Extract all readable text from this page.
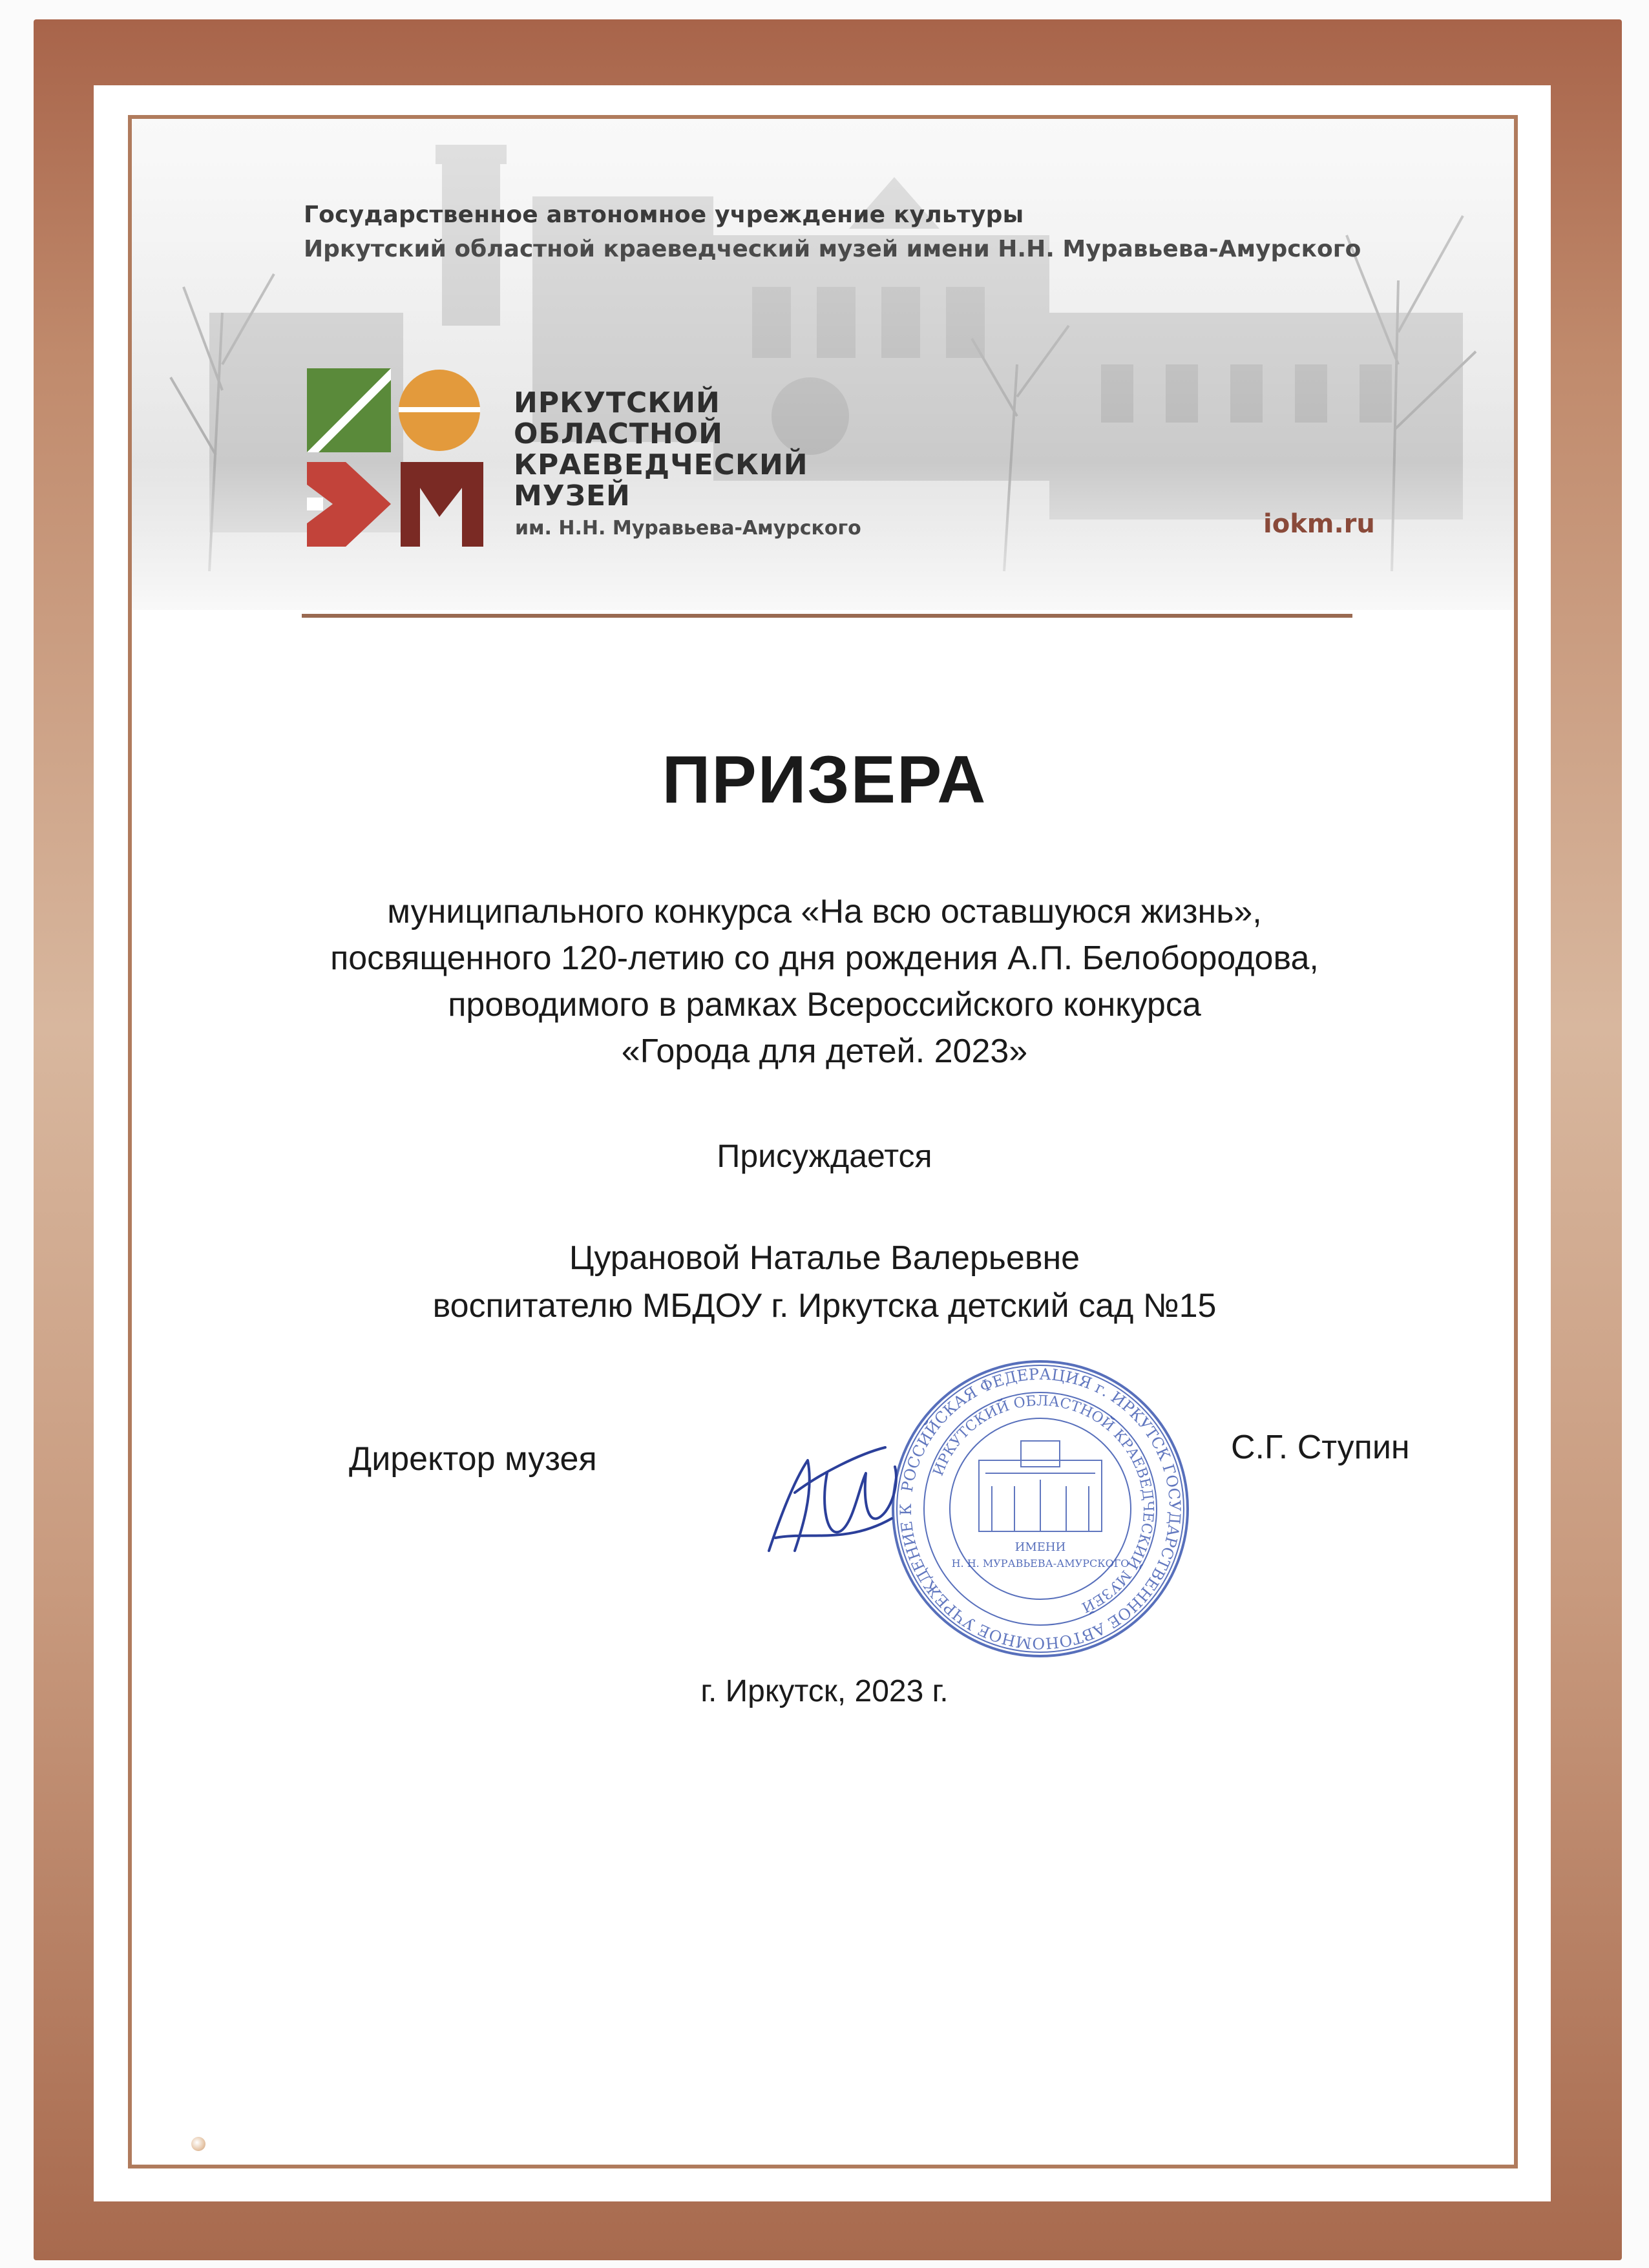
Государственное автономное учреждение культуры
Иркутский областной краеведческий музей имени Н.Н. Муравьева-Амурского
ИРКУТСКИЙ
ОБЛАСТНОЙ
КРАЕВЕДЧЕСКИЙ
МУЗЕЙ
им. Н.Н. Муравьева-Амурского	iokm.ru
ПРИЗЕРА
муниципального конкурса «На всю оставшуюся жизнь»,
посвященного 120-летию со дня рождения А.П. Белобородова,
проводимого в рамках Всероссийского конкурса
«Города для детей. 2023»
Присуждается
Цурановой Наталье Валерьевне
воспитателю МБДОУ г. Иркутска детский сад №15
Директор музея
РОССИЙСКАЯ ФЕДЕРАЦИЯ г. ИРКУТСК ГОСУДАРСТВЕННОЕ АВТОНОМНОЕ УЧРЕЖДЕНИЕ К
ИРКУТСКИЙ ОБЛАСТНОЙ КРАЕВЕДЧЕСКИЙ МУЗЕЙ
ИМЕНИ
Н. Н. МУРАВЬЕВА-АМУРСКОГО
С.Г. Ступин
г. Иркутск, 2023 г.
